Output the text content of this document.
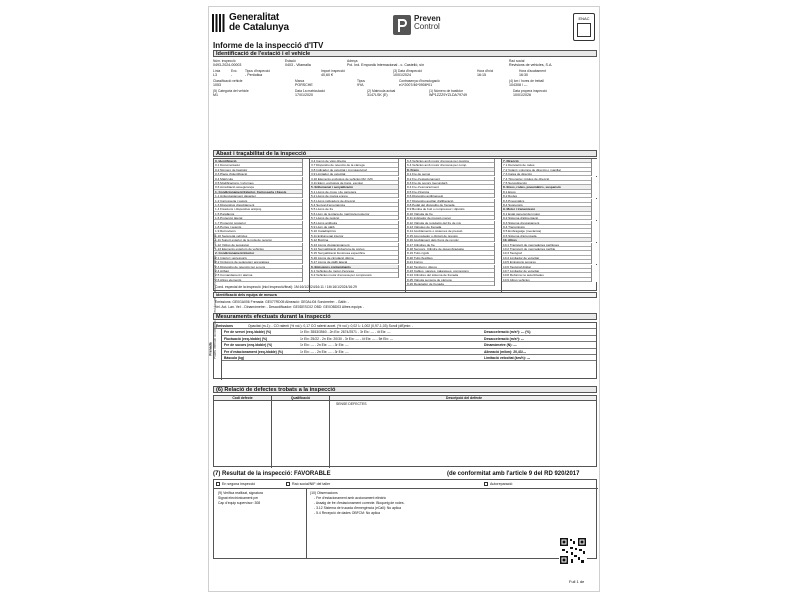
Generalitat
de Catalunya
Preven
Control
ENAC
Informe de la inspecció d'ITV
Identificació de l'estació i el vehicle
Núm. inspecció
0493-2024-00003
Estació
0403 - Vilamalla
Adreça
Pol. Ind. Empordà Internacional - c. Castelló, s/n
Raó social
Revisions de vehicles, S.A.
Línia
L3
Exc.
-
Tipus d'inspecció
- Periòdica
Import inspecció
40,60 €
(3) Data d'inspecció
10/01/2024
Hora d'inici
16:15
Hora d'acabament
16:30
Classificació vehicle
1053
Marca
PORSCHE
Tipus
9YA
Contrasenya d'homologació
e1*2007/46*0908*01
(4) km / hores de treball
104308 / ---
(5) Categoria del vehicle
M1
Data 1a matriculació
17/01/2020
(2) Matrícula actual
3147LSK (E)
(1) Número de bastidor
WP1ZZZ9YZLDA79749
Data propera inspecció
10/01/2026
Abast i traçabilitat de la inspecció
0. Identificació
0.1 Documentació
0.2 Número de bastidor
0.3 Placa d'identificació
0.4 Matrícula
0.5 Modificacions / reformes
0.6 Acreditació assegurança
1. Condicionament Exterior, Carrosseria i Xassís
1.1 Antiencastament davanter
1.2 Carrosseria i xassís
1.3 Dispositius d'acoblament
1.4 Fixacions i dispositius antiproj.
1.5 Parafangs
1.6 Protecció lateral
1.7 Protecció posterior
1.8 Portes i seients
1.9 Retrovisors
1.10 Seguretat vehicles
1.11 Suport exterior de la roda de recanvi
1.12 Vidres de seguretat
1.13 Elements exteriors de vehicles
2. Condicionament Interior
2.1 Interior i accessoris
2.2 Cinturons de seguretat i ancoratges
2.3 Dispositiu de retenció per a nens
2.4 Airbag
2.5 Comandament i alarma
2.6 Altres elements
3.4 Camp de visió directa
3.7 Dispositiu de retenció de la càrrega
3.8 Indicador de velocitat i cronotacògraf
3.9 Limitador de velocitat
3.10 Elements exclusius de vehicles M2 i M3
3.11 Elem. exclusius de trans. escolar
5. Enllumenat i senyalització
5.1 Llums de cruce i de carretera
5.2 Llums de marxa enrere
5.3 Llums indicadors de direcció
5.4 Senyal d'emergència
5.5 Llums de fre
5.6 Llum de la placa de matrícula posterior
5.7 Llums de posició
5.8 Llums antiboira
5.9 Llum de gàlib
5.10 Catadiòptrics
5.11 Enllumenat interior
5.12 Botzina
5.13 Llums d'estacionament
5.14 Senyalització d'obertura de portes
5.15 Senyalització lluminosa específica
5.16 Llums de circulació diürna
5.17 Llums de gàlib lateral
6. Emissions contaminants
6.1 Vehicles de motor d'encesa
6.2 Vehicles motor d'encesa per compressió
6.3 Vehicles amb motor d'encesa per guspira
6.4 Vehicles amb motor d'encesa per comp.
8. Frens
8.1 Fre de servei
8.2 Fre d'estacionament
8.3 Fre de socors (secundari)
8.4 Fre d'esmorteïment
8.5 Fre d'inèrcia
8.6 Dispositiu antibloqueig
8.7 Dispositiu auxiliar d'alliberació
8.8 Pedal del dispositiu de frenada
8.9 Bomba de buit o compressor i dipòsits
8.10 Vàlvula de fre
8.11 Indicador de pressió menor
8.12 Vàlvula de regulació del fre de mà
8.13 Vàlvules de frenada
8.14 Acoblaments o sistemes de pressió
8.15 Acumulador o dipòsit de pressió
8.16 Acoblament dels frens de remolc
8.17 Cilindres de fre
8.18 Sensors. Cilindre de desembragatge
8.19 Tubs rígids
8.20 Tubs flexibles
8.21 Forros
8.22 Tambors i discos
8.23 Cables, varetes, palanques, connexions
8.24 Cilindres del sistema de frenada
8.25 Vàlvula sensora de càrrega
8.26 Regulador de frenada
7. Direcció
7.1 Desviació de rodes
7.2 Volant i columna de direcció o manillar
7.3 Caixa de direcció
7.4 Timoneria i ròtules de direcció
7.5 Servodirecció
8. Eixos, rodes, pneumàtics, suspensió
8.1 Eixos
8.2 Rodes
8.3 Pneumàtics
8.4 Suspensió
9. Motor i transmissió
9.1 Estat general del motor
9.2 Sistema d'alimentació
9.3 Sistema d'escapament
9.4 Transmissió
9.5 Embragatge (mecànica)
9.6 Sistema d'arrencada
10. Altres
10.1 Transport de mercaderies perilloses
10.2 Transport de mercaderies perible
10.3 Tacògraf
10.4 Limitador de velocitat
10.5 Emissions sonores
10.6 Tacògraf digital
10.7 Limitador de velocitat
10.8 Reforma no autoritzades
10.9 Altres vehicles
Cond. especial de la inspecció (inici inspecció/final): 1M:16/1/2024/16:11 / 1M:16/1/2024/16:29
Identificació dels equips de mesura
Emissions: GE0GA006 Frenada: GE077RD05 Alineació: GE0ALI04 Sonòmetre: - Gàlib: -
Vel. Act. Lan. Vel: - Dinamòmetre: - Descodificador: GE0DESC02 OBD: GE0OBD03 Altres equips: -
Mesuraments efectuats durant la inspecció
Emissions	Opacitat (m-1): - CO ralentí (% vol.): 0,17 CO ralentí accel. (% vol.): 0,02 λ: 1,002 (0,97-1,03) Soroll (dB)min: -
Frenada
Fre de servei (eeq./doble) (%)	1r Eix: 3553/3560 - 2n Eix: 2674/2571 - 3r Eix: --- - 4t Eix: ---	Desacceleració (m/s²): --- (%)
Fluctuació (eeq./doble) (%)	1r Eix: 25/22 - 2n Eix: 20/30 - 3r Eix: --- - 4t Eix: --- - 5è Eix: ---	Desacceleració (m/s²): ---
Fre de socors (eeq./doble) (%)	1r Eix: --- - 2n Eix: --- - 3r Eix: ---	Dinamòmetre (N): ---
Fre d'estacionament (eeq./doble) (%)	1r Eix: --- - 2n Eix: --- - 3r Eix: ---	Alineació (m/km): 20,43/---
Bàscula (kg)	Limitació velocitat (km/h): ---
(6) Relació de defectes trobats a la inspecció
Codi defecte	Qualificació	Descripció del defecte
SENSE DEFECTES
(7) Resultat de la inspecció: FAVORABLE	(de conformitat amb l'article 9 del RD 920/2017
En segona inspecció	Raó social/NIF del taller	Autoreparació
(9) Verifica realitzat, signatura
Signat electrònicament per
Cap d'equip supervisor: 308
(10) Observacions
- Fre d'estacionament amb accionament elèctric
- Assaig de fre d'estacionament correcte. Bloqueig de rodes.
- 3.12 Sistema de trucada d'emergència (eCall): No aplica
- 5.4 Recepció de dades OBFCM: No aplica
Full 1 de
